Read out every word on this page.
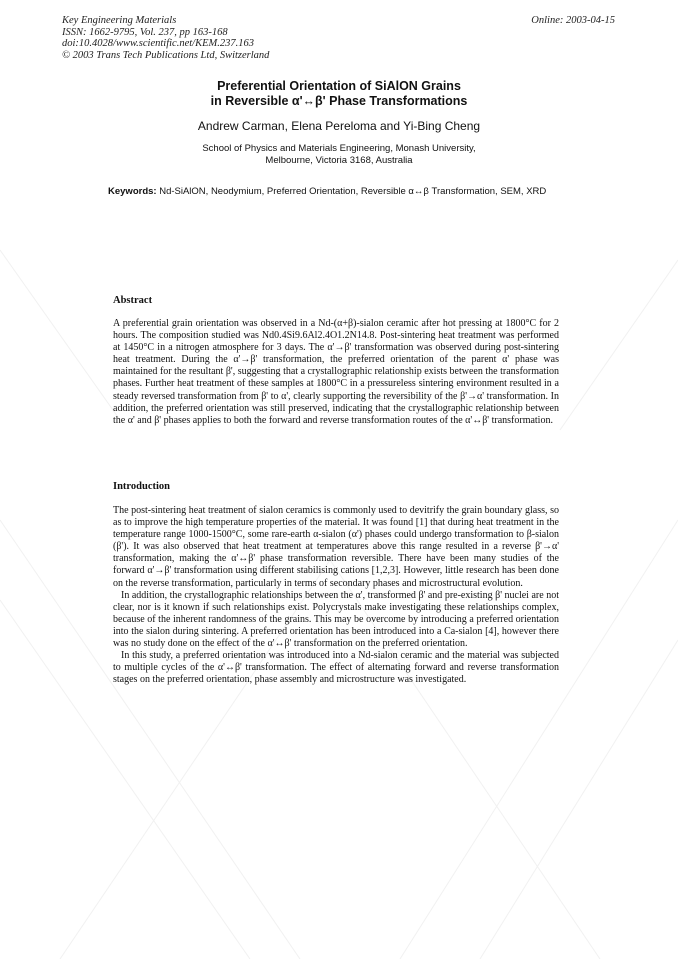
Key Engineering Materials
ISSN: 1662-9795, Vol. 237, pp 163-168
doi:10.4028/www.scientific.net/KEM.237.163
© 2003 Trans Tech Publications Ltd, Switzerland
Online: 2003-04-15
Preferential Orientation of SiAlON Grains
in Reversible α'↔β' Phase Transformations
Andrew Carman, Elena Pereloma and Yi-Bing Cheng
School of Physics and Materials Engineering, Monash University,
Melbourne, Victoria 3168, Australia
Keywords: Nd-SiAlON, Neodymium, Preferred Orientation, Reversible α↔β Transformation, SEM, XRD
Abstract

A preferential grain orientation was observed in a Nd-(α+β)-sialon ceramic after hot pressing at 1800°C for 2 hours. The composition studied was Nd0.4Si9.6Al2.4O1.2N14.8. Post-sintering heat treatment was performed at 1450°C in a nitrogen atmosphere for 3 days. The α'→β' transformation was observed during post-sintering heat treatment. During the α'→β' transformation, the preferred orientation of the parent α' phase was maintained for the resultant β', suggesting that a crystallographic relationship exists between the transformation phases. Further heat treatment of these samples at 1800°C in a pressureless sintering environment resulted in a steady reversed transformation from β' to α', clearly supporting the reversibility of the β'→α' transformation. In addition, the preferred orientation was still preserved, indicating that the crystallographic relationship between the α' and β' phases applies to both the forward and reverse transformation routes of the α'↔β' transformation.

Introduction

The post-sintering heat treatment of sialon ceramics is commonly used to devitrify the grain boundary glass, so as to improve the high temperature properties of the material. It was found [1] that during heat treatment in the temperature range 1000-1500°C, some rare-earth α-sialon (α') phases could undergo transformation to β-sialon (β'). It was also observed that heat treatment at temperatures above this range resulted in a reverse β'→α' transformation, making the α'↔β' phase transformation reversible. There have been many studies of the forward α'→β' transformation using different stabilising cations [1,2,3]. However, little research has been done on the reverse transformation, particularly in terms of secondary phases and microstructural evolution.

In addition, the crystallographic relationships between the α', transformed β' and pre-existing β' nuclei are not clear, nor is it known if such relationships exist. Polycrystals make investigating these relationships complex, because of the inherent randomness of the grains. This may be overcome by introducing a preferred orientation into the sialon during sintering. A preferred orientation has been introduced into a Ca-sialon [4], however there was no study done on the effect of the α'↔β' transformation on the preferred orientation.

In this study, a preferred orientation was introduced into a Nd-sialon ceramic and the material was subjected to multiple cycles of the α'↔β' transformation. The effect of alternating forward and reverse transformation stages on the preferred orientation, phase assembly and microstructure was investigated.
